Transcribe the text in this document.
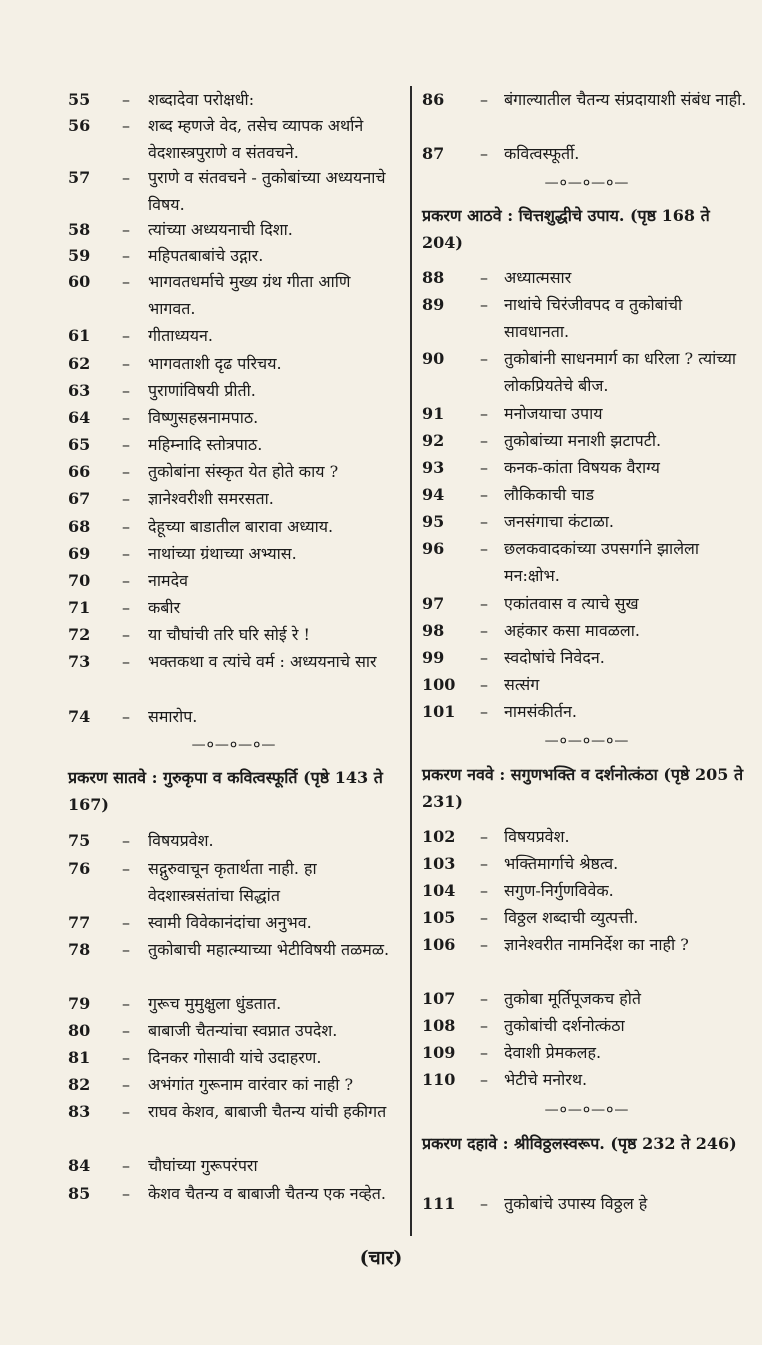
55	– शब्दादेवा परोक्षधी:
56	– शब्द म्हणजे वेद, तसेच व्यापक अर्थाने वेदशास्त्रपुराणे व संतवचने.
57	– पुराणे व संतवचने - तुकोबांच्या अध्ययनाचे विषय.
58	– त्यांच्या अध्ययनाची दिशा.
59	– महिपतबाबांचे उद्गार.
60	– भागवतधर्माचे मुख्य ग्रंथ गीता आणि भागवत.
61	– गीताध्ययन.
62	– भागवताशी दृढ परिचय.
63	– पुराणांविषयी प्रीती.
64	– विष्णुसहस्रनामपाठ.
65	– महिम्नादि स्तोत्रपाठ.
66	– तुकोबांना संस्कृत येत होते काय ?
67	– ज्ञानेश्वरीशी समरसता.
68	– देहूच्या बाडातील बारावा अध्याय.
69	– नाथांच्या ग्रंथाच्या अभ्यास.
70	– नामदेव
71	– कबीर
72	– या चौघांची तरि घरि सोई रे !
73	– भक्तकथा व त्यांचे वर्म : अध्ययनाचे सार
74	– समारोप.
—०—०—०—
प्रकरण सातवे : गुरुकृपा व कवित्वस्फूर्ति (पृष्ठे 143 ते 167)
75	– विषयप्रवेश.
76	– सद्गुरुवाचून कृतार्थता नाही. हा वेदशास्त्रसंतांचा सिद्धांत
77	– स्वामी विवेकानंदांचा अनुभव.
78	– तुकोबाची महात्म्याच्या भेटीविषयी तळमळ.
79	– गुरूच मुमुक्षुला धुंडतात.
80	– बाबाजी चैतन्यांचा स्वप्नात उपदेश.
81	– दिनकर गोसावी यांचे उदाहरण.
82	– अभंगांत गुरूनाम वारंवार कां नाही ?
83	– राघव केशव, बाबाजी चैतन्य यांची हकीगत
84	– चौघांच्या गुरूपरंपरा
85	– केशव चैतन्य व बाबाजी चैतन्य एक नव्हेत.
86	– बंगाल्यातील चैतन्य संप्रदायाशी संबंध नाही.
87	– कवित्वस्फूर्ती.
—०—०—०—
प्रकरण आठवे : चित्तशुद्धीचे उपाय. (पृष्ठ 168 ते 204)
88	– अध्यात्मसार
89	– नाथांचे चिरंजीवपद व तुकोबांची सावधानता.
90	– तुकोबांनी साधनमार्ग का धरिला ? त्यांच्या लोकप्रियतेचे बीज.
91	– मनोजयाचा उपाय
92	– तुकोबांच्या मनाशी झटापटी.
93	– कनक-कांता विषयक वैराग्य
94	– लौकिकाची चाड
95	– जनसंगाचा कंटाळा.
96	– छलकवादकांच्या उपसर्गाने झालेला मन:क्षोभ.
97	– एकांतवास व त्याचे सुख
98	– अहंकार कसा मावळला.
99	– स्वदोषांचे निवेदन.
100	– सत्संग
101	– नामसंकीर्तन.
—०—०—०—
प्रकरण नववे : सगुणभक्ति व दर्शनोत्कंठा (पृष्ठे 205 ते 231)
102	– विषयप्रवेश.
103	– भक्तिमार्गाचे श्रेष्ठत्व.
104	– सगुण-निर्गुणविवेक.
105	– विठ्ठल शब्दाची व्युत्पत्ती.
106	– ज्ञानेश्वरीत नामनिर्देश का नाही ?
107	– तुकोबा मूर्तिपूजकच होते
108	– तुकोबांची दर्शनोत्कंठा
109	– देवाशी प्रेमकलह.
110	– भेटीचे मनोरथ.
—०—०—०—
प्रकरण दहावे : श्रीविठ्ठलस्वरूप. (पृष्ठ 232 ते 246)
111	– तुकोबांचे उपास्य विठ्ठल हे
(चार)
